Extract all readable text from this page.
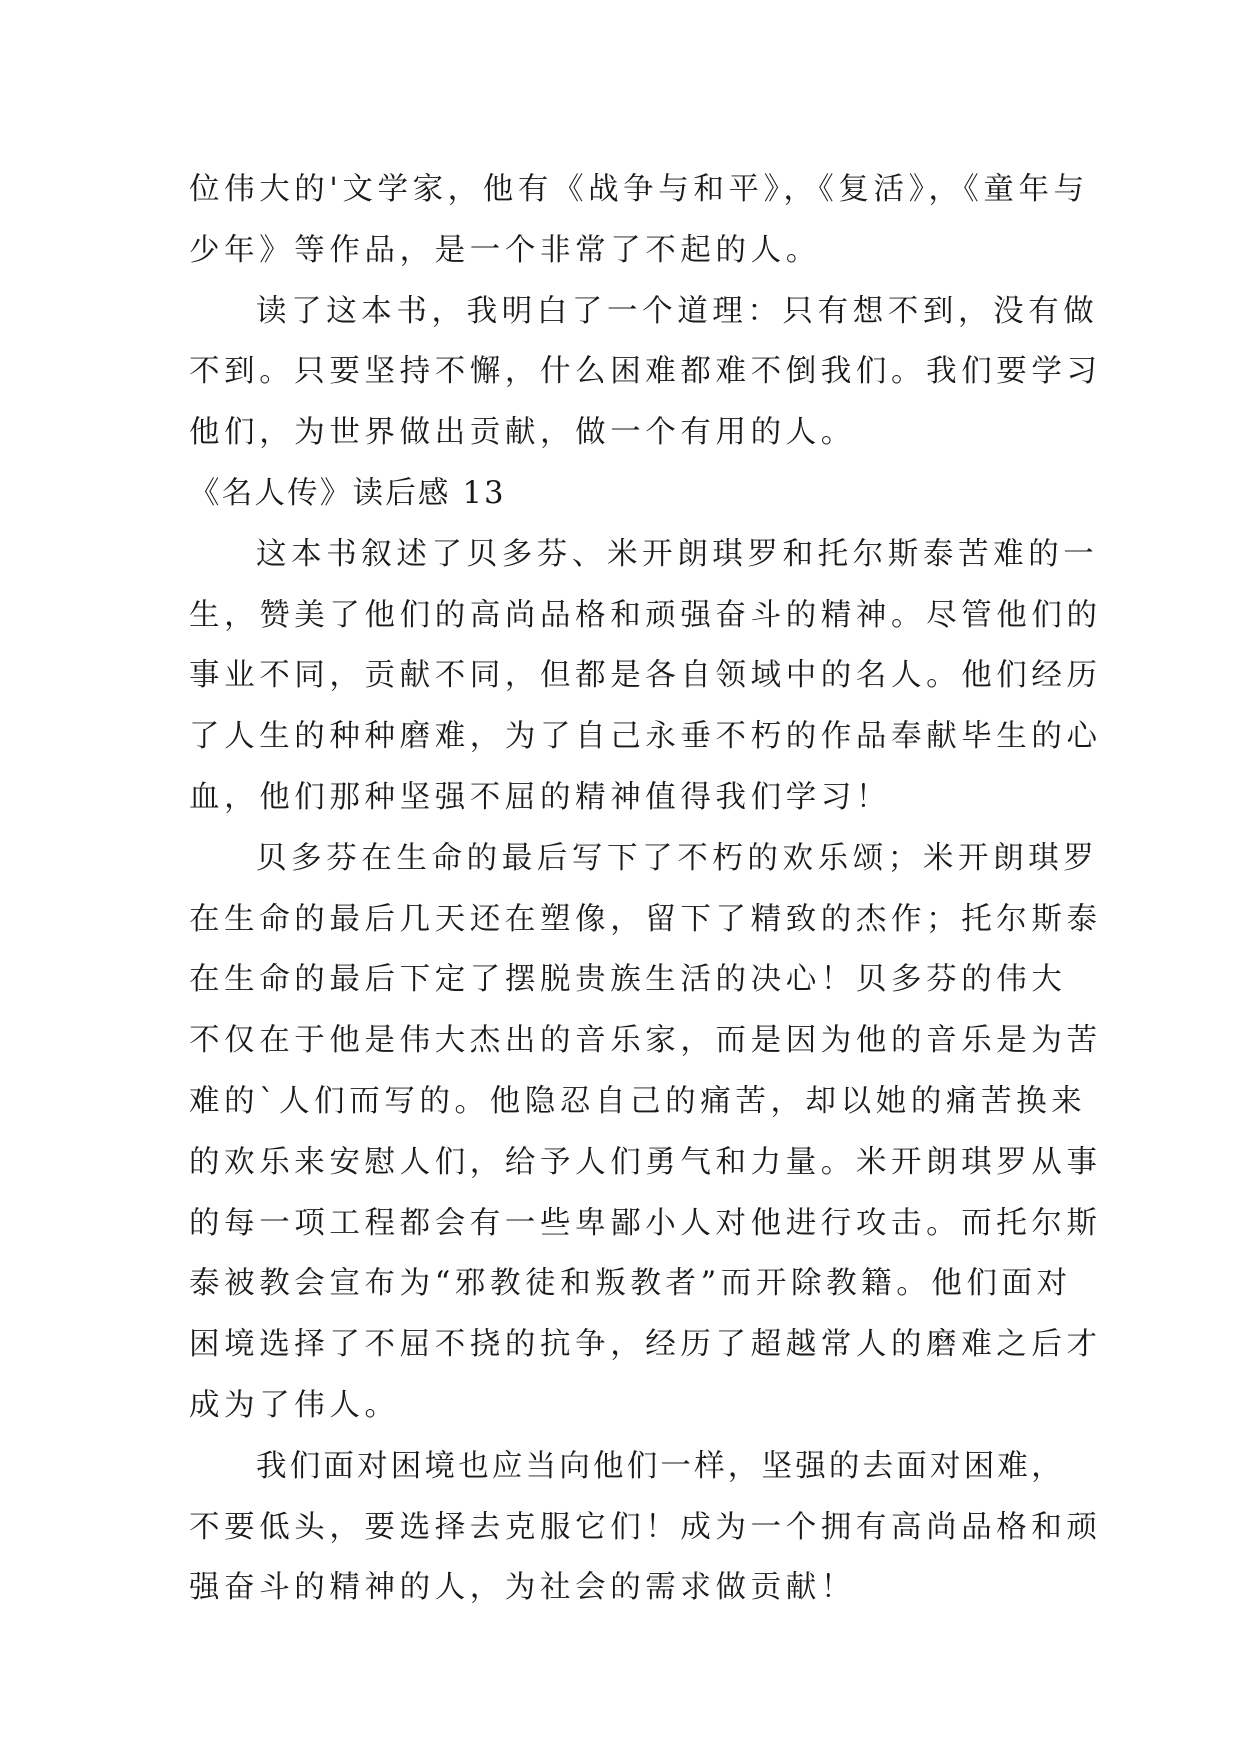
位伟大的'文学家，他有《战争与和平》，《复活》，《童年与
少年》等作品，是一个非常了不起的人。
读了这本书，我明白了一个道理：只有想不到，没有做
不到。只要坚持不懈，什么困难都难不倒我们。我们要学习
他们，为世界做出贡献，做一个有用的人。
《名人传》读后感 13
这本书叙述了贝多芬、米开朗琪罗和托尔斯泰苦难的一
生，赞美了他们的高尚品格和顽强奋斗的精神。尽管他们的
事业不同，贡献不同，但都是各自领域中的名人。他们经历
了人生的种种磨难，为了自己永垂不朽的作品奉献毕生的心
血，他们那种坚强不屈的精神值得我们学习！
贝多芬在生命的最后写下了不朽的欢乐颂；米开朗琪罗
在生命的最后几天还在塑像，留下了精致的杰作；托尔斯泰
在生命的最后下定了摆脱贵族生活的决心！贝多芬的伟大
不仅在于他是伟大杰出的音乐家，而是因为他的音乐是为苦
难的`人们而写的。他隐忍自己的痛苦，却以她的痛苦换来
的欢乐来安慰人们，给予人们勇气和力量。米开朗琪罗从事
的每一项工程都会有一些卑鄙小人对他进行攻击。而托尔斯
泰被教会宣布为“邪教徒和叛教者”而开除教籍。他们面对
困境选择了不屈不挠的抗争，经历了超越常人的磨难之后才
成为了伟人。
我们面对困境也应当向他们一样，坚强的去面对困难，
不要低头，要选择去克服它们！成为一个拥有高尚品格和顽
强奋斗的精神的人，为社会的需求做贡献！
